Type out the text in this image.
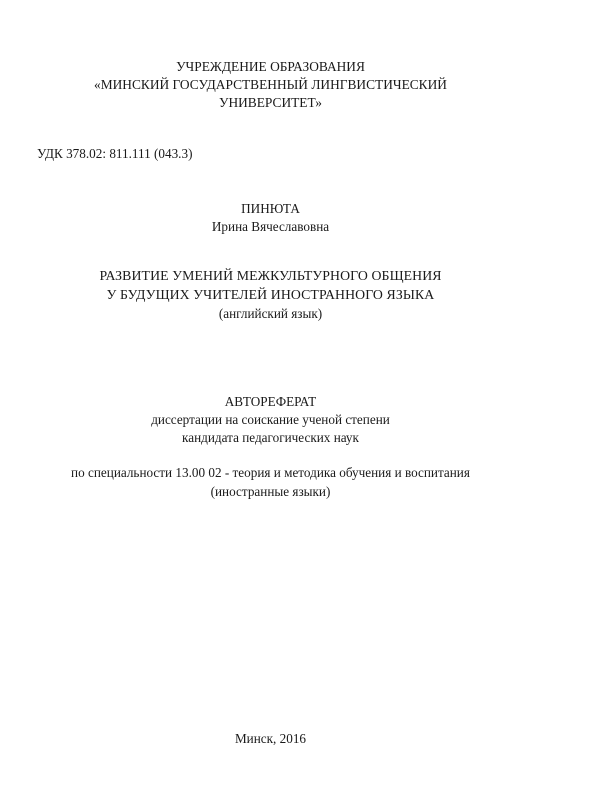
УЧРЕЖДЕНИЕ ОБРАЗОВАНИЯ
«МИНСКИЙ ГОСУДАРСТВЕННЫЙ ЛИНГВИСТИЧЕСКИЙ
УНИВЕРСИТЕТ»
УДК 378.02: 811.111 (043.3)
ПИНЮТА
Ирина Вячеславовна
РАЗВИТИЕ УМЕНИЙ МЕЖКУЛЬТУРНОГО ОБЩЕНИЯ
У БУДУЩИХ УЧИТЕЛЕЙ ИНОСТРАННОГО ЯЗЫКА
(английский язык)
АВТОРЕФЕРАТ
диссертации на соискание ученой степени
кандидата педагогических наук
по специальности 13.00 02 - теория и методика обучения и воспитания
(иностранные языки)
Минск, 2016
